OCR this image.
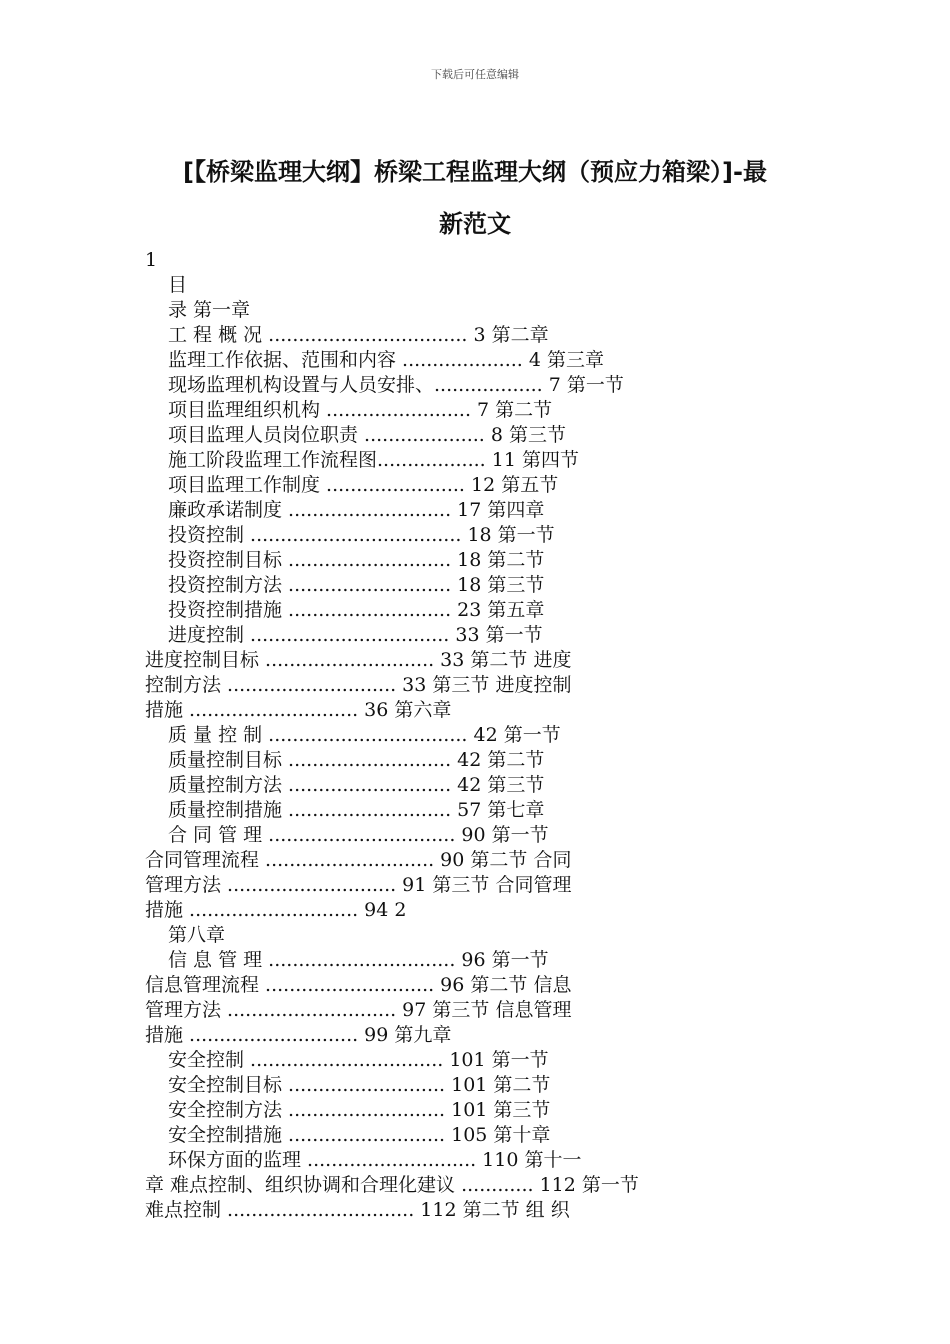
下载后可任意编辑
[【桥梁监理大纲】桥梁工程监理大纲（预应力箱梁）]-最
新范文
1
目
录 第一章
工 程 概 况 ................................. 3 第二章
监理工作依据、范围和内容 .................... 4 第三章
现场监理机构设置与人员安排、.................. 7 第一节
项目监理组织机构 ........................ 7 第二节
项目监理人员岗位职责 .................... 8 第三节
施工阶段监理工作流程图.................. 11 第四节
项目监理工作制度 ....................... 12 第五节
廉政承诺制度 ........................... 17 第四章
投资控制 ................................... 18 第一节
投资控制目标 ........................... 18 第二节
投资控制方法 ........................... 18 第三节
投资控制措施 ........................... 23 第五章
进度控制 ................................. 33 第一节
进度控制目标 ............................ 33 第二节 进度
控制方法 ............................ 33 第三节 进度控制
措施 ............................ 36 第六章
质 量 控 制 ................................. 42 第一节
质量控制目标 ........................... 42 第二节
质量控制方法 ........................... 42 第三节
质量控制措施 ........................... 57 第七章
合 同 管 理 ............................... 90 第一节
合同管理流程 ............................ 90 第二节 合同
管理方法 ............................ 91 第三节 合同管理
措施 ............................ 94 2
第八章
信 息 管 理 ............................... 96 第一节
信息管理流程 ............................ 96 第二节 信息
管理方法 ............................ 97 第三节 信息管理
措施 ............................ 99 第九章
安全控制 ................................ 101 第一节
安全控制目标 .......................... 101 第二节
安全控制方法 .......................... 101 第三节
安全控制措施 .......................... 105 第十章
环保方面的监理 ............................ 110 第十一
章 难点控制、组织协调和合理化建议 ............ 112 第一节
难点控制 ............................... 112 第二节 组 织
